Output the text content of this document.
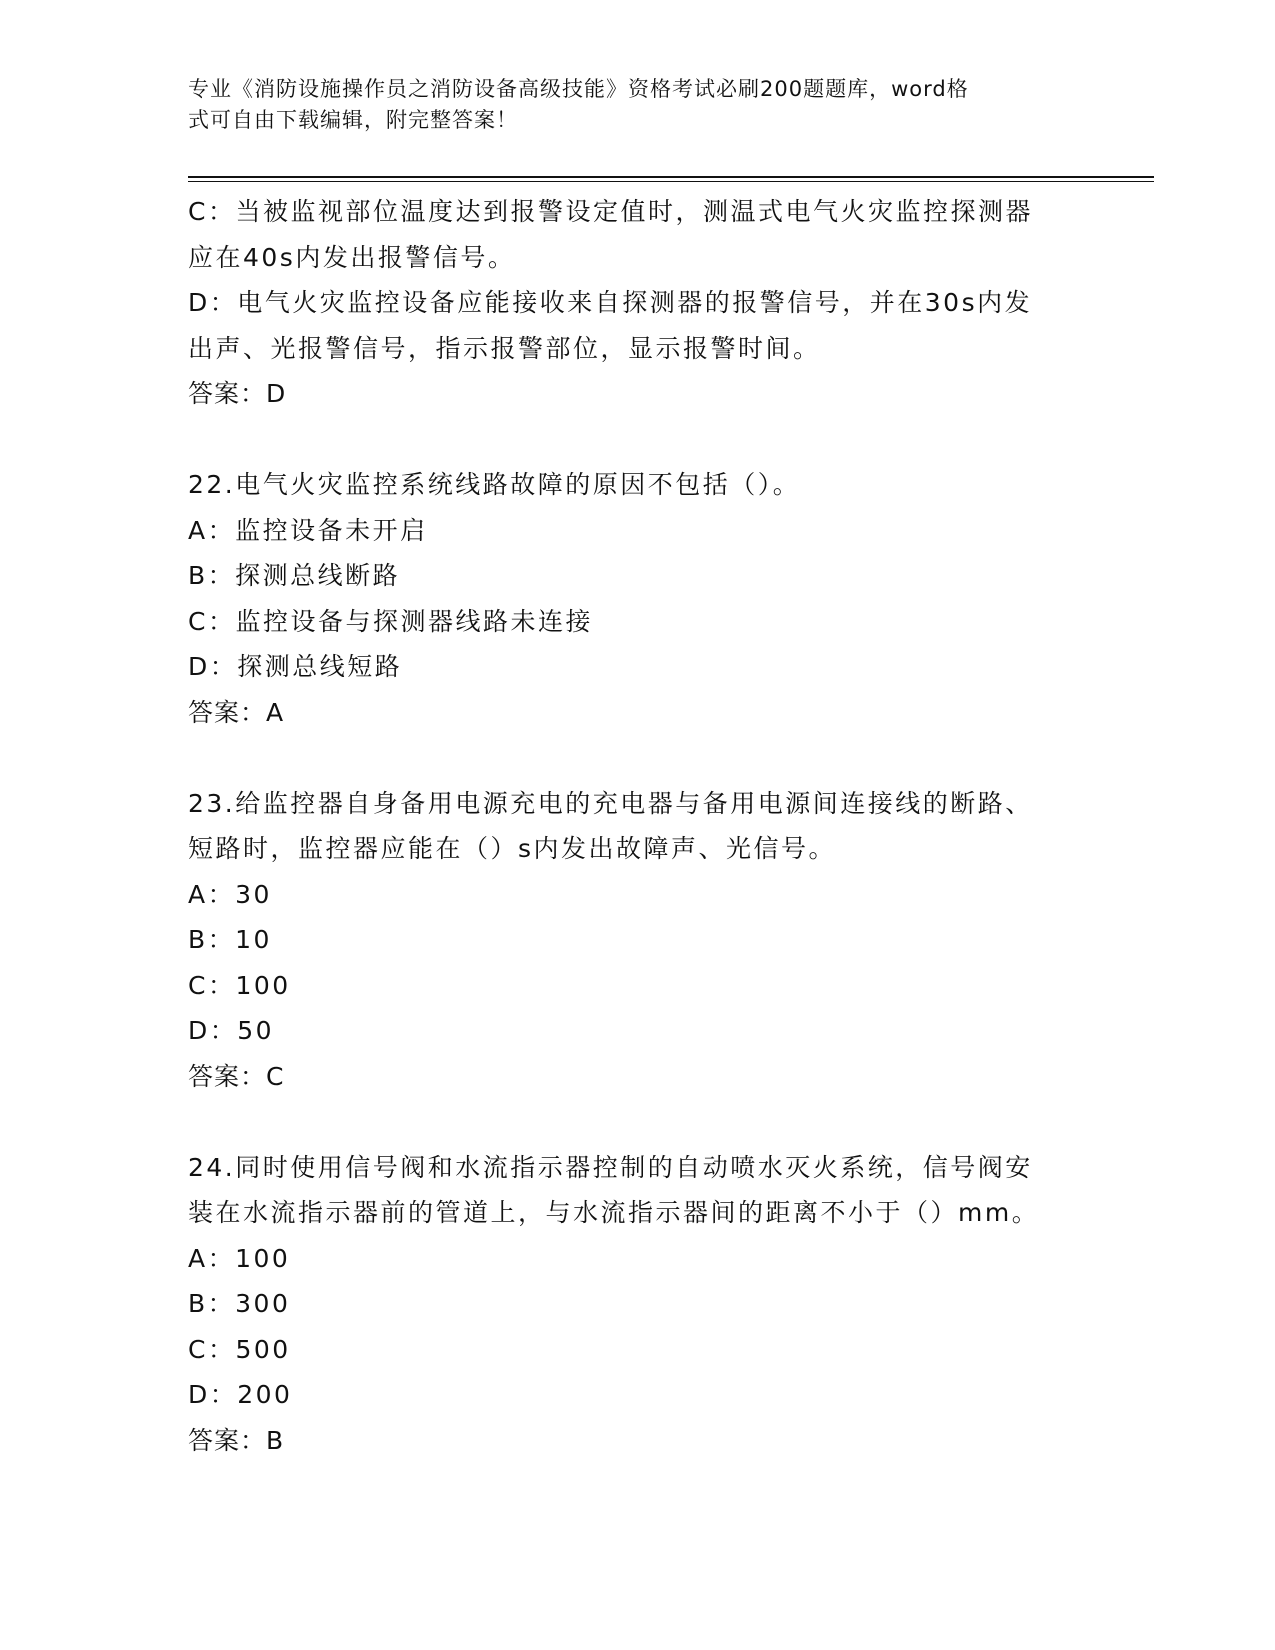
专业《消防设施操作员之消防设备高级技能》资格考试必刷200题题库，word格
式可自由下载编辑，附完整答案！
C：当被监视部位温度达到报警设定值时，测温式电气火灾监控探测器
应在40s内发出报警信号。
D：电气火灾监控设备应能接收来自探测器的报警信号，并在30s内发
出声、光报警信号，指示报警部位，显示报警时间。
答案：D
22.电气火灾监控系统线路故障的原因不包括（）。
A：监控设备未开启
B：探测总线断路
C：监控设备与探测器线路未连接
D：探测总线短路
答案：A
23.给监控器自身备用电源充电的充电器与备用电源间连接线的断路、
短路时，监控器应能在（）s内发出故障声、光信号。
A：30
B：10
C：100
D：50
答案：C
24.同时使用信号阀和水流指示器控制的自动喷水灭火系统，信号阀安
装在水流指示器前的管道上，与水流指示器间的距离不小于（）mm。
A：100
B：300
C：500
D：200
答案：B
